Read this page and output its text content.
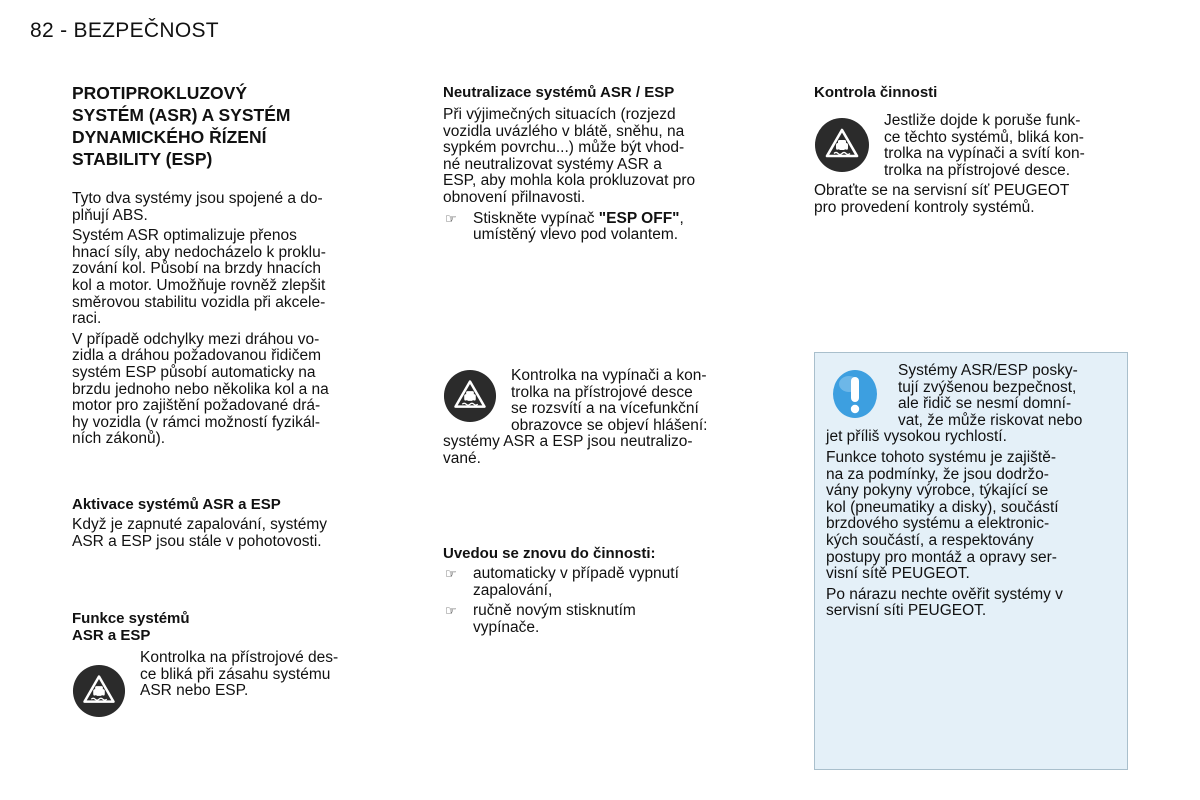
82 - BEZPEČNOST
PROTIPROKLUZOVÝ
SYSTÉM (ASR) A SYSTÉM
DYNAMICKÉHO ŘÍZENÍ
STABILITY (ESP)
Tyto dva systémy jsou spojené a do-
plňují ABS.
Systém ASR optimalizuje přenos
hnací síly, aby nedocházelo k proklu-
zování kol. Působí na brzdy hnacích
kol a motor. Umožňuje rovněž zlepšit
směrovou stabilitu vozidla při akcele-
raci.
V případě odchylky mezi dráhou vo-
zidla a dráhou požadovanou řidičem
systém ESP působí automaticky na
brzdu jednoho nebo několika kol a na
motor pro zajištění požadované drá-
hy vozidla (v rámci možností fyzikál-
ních zákonů).
Aktivace systémů ASR a ESP
Když je zapnuté zapalování, systémy
ASR a ESP jsou stále v pohotovosti.
Funkce systémů
ASR a ESP
Kontrolka na přístrojové des-
ce bliká při zásahu systému
ASR nebo ESP.
Neutralizace systémů ASR / ESP
Při výjimečných situacích (rozjezd
vozidla uvázlého v blátě, sněhu, na
sypkém povrchu...) může být vhod-
né neutralizovat systémy ASR a
ESP, aby mohla kola prokluzovat pro
obnovení přilnavosti.
☞ Stiskněte vypínač "ESP OFF",
umístěný vlevo pod volantem.
Kontrolka na vypínači a kon-
trolka na přístrojové desce
se rozsvítí a na vícefunkční
obrazovce se objeví hlášení:
systémy ASR a ESP jsou neutralizo-
vané.
Uvedou se znovu do činnosti:
☞ automaticky v případě vypnutí
zapalování,
☞ ručně novým stisknutím
vypínače.
Kontrola činnosti
Jestliže dojde k poruše funk-
ce těchto systémů, bliká kon-
trolka na vypínači a svítí kon-
trolka na přístrojové desce.
Obraťte se na servisní síť PEUGEOT
pro provedení kontroly systémů.
Systémy ASR/ESP posky-
tují zvýšenou bezpečnost,
ale řidič se nesmí domní-
vat, že může riskovat nebo
jet příliš vysokou rychlostí.
Funkce tohoto systému je zajiště-
na za podmínky, že jsou dodržo-
vány pokyny výrobce, týkající se
kol (pneumatiky a disky), součástí
brzdového systému a elektronic-
kých součástí, a respektovány
postupy pro montáž a opravy ser-
visní sítě PEUGEOT.
Po nárazu nechte ověřit systémy v
servisní síti PEUGEOT.
